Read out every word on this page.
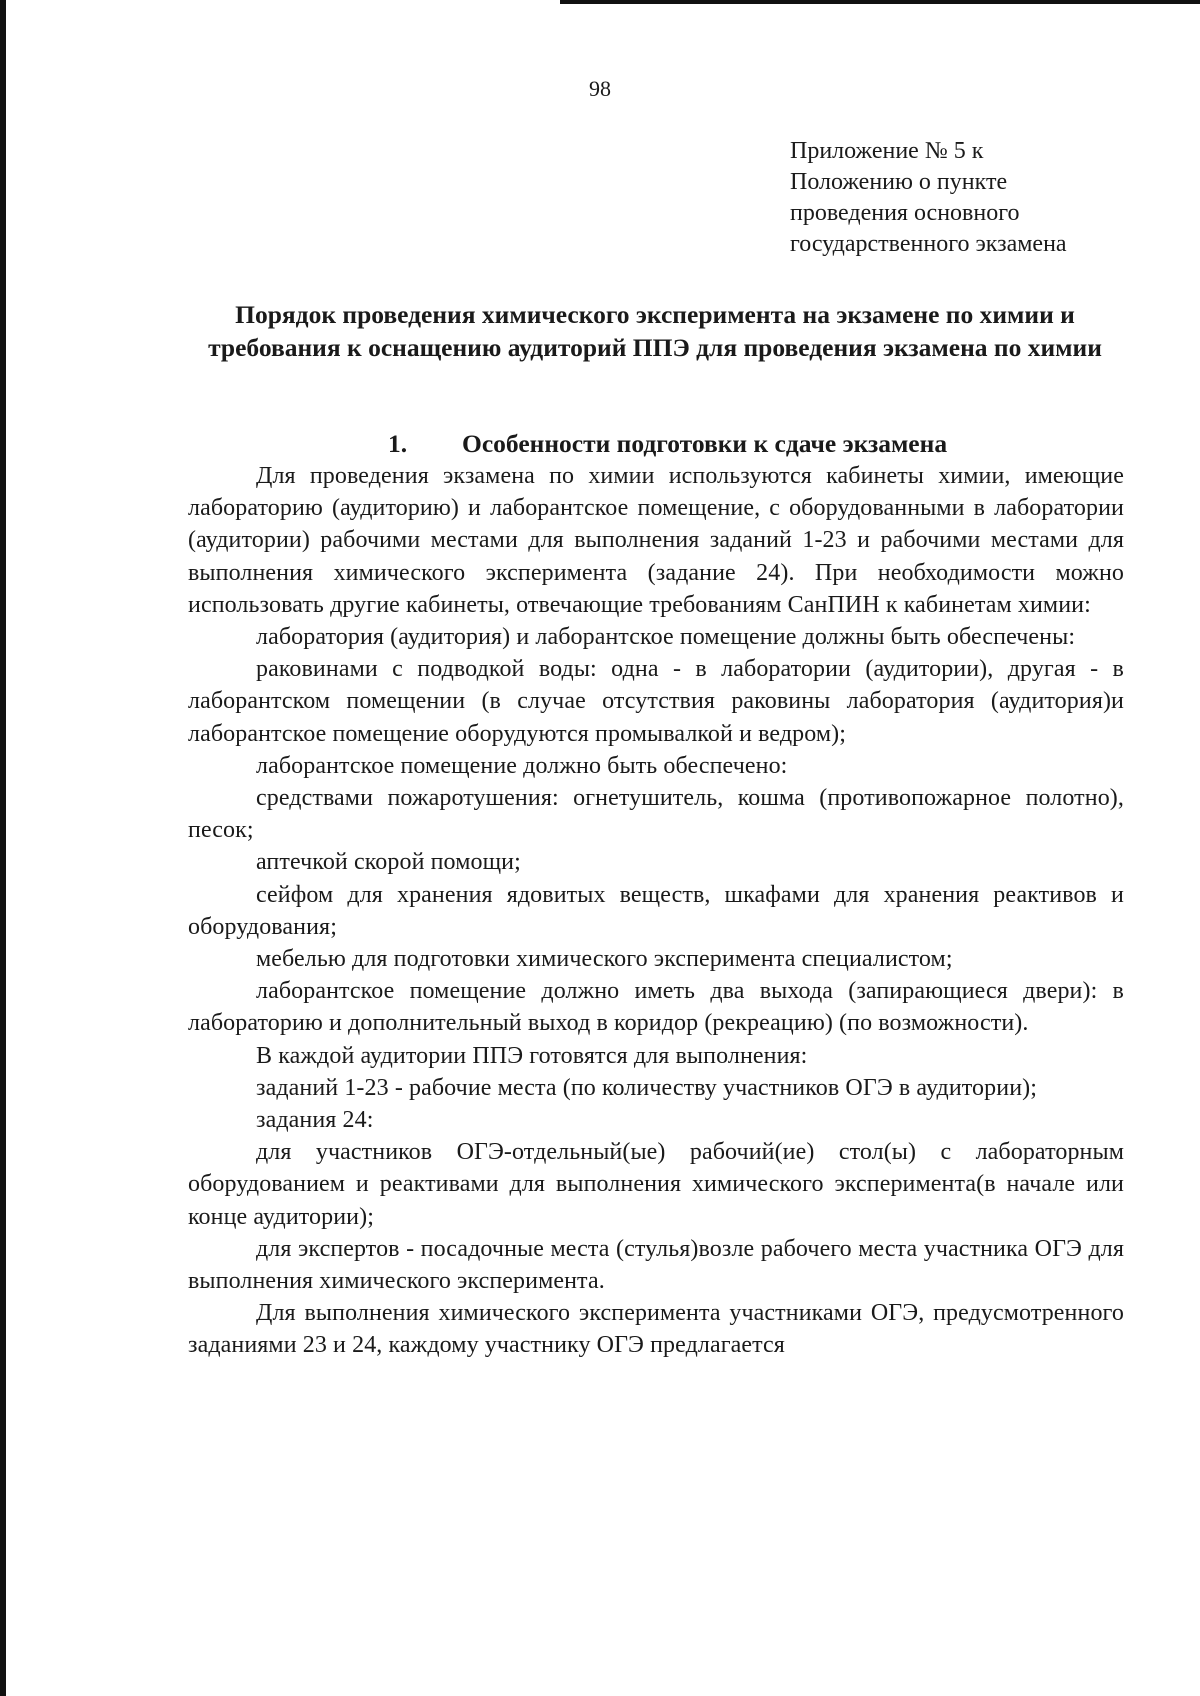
98
Приложение № 5 к
Положению о пункте
проведения основного
государственного экзамена
Порядок проведения химического эксперимента на экзамене по химии и требования к оснащению аудиторий ППЭ для проведения экзамена по химии
1. Особенности подготовки к сдаче экзамена

Для проведения экзамена по химии используются кабинеты химии, имеющие лабораторию (аудиторию) и лаборантское помещение, с оборудованными в лаборатории (аудитории) рабочими местами для выполнения заданий 1-23 и рабочими местами для выполнения химического эксперимента (задание 24). При необходимости можно использовать другие кабинеты, отвечающие требованиям СанПИН к кабинетам химии:

лаборатория (аудитория) и лаборантское помещение должны быть обеспечены:

раковинами с подводкой воды: одна - в лаборатории (аудитории), другая - в лаборантском помещении (в случае отсутствия раковины лаборатория (аудитория)и лаборантское помещение оборудуются промывалкой и ведром);

лаборантское помещение должно быть обеспечено:

средствами пожаротушения: огнетушитель, кошма (противопожарное полотно), песок;

аптечкой скорой помощи;

сейфом для хранения ядовитых веществ, шкафами для хранения реактивов и оборудования;

мебелью для подготовки химического эксперимента специалистом;

лаборантское помещение должно иметь два выхода (запирающиеся двери): в лабораторию и дополнительный выход в коридор (рекреацию) (по возможности).

В каждой аудитории ППЭ готовятся для выполнения:

заданий 1-23 - рабочие места (по количеству участников ОГЭ в аудитории);

задания 24:

для участников ОГЭ-отдельный(ые) рабочий(ие) стол(ы) с лабораторным оборудованием и реактивами для выполнения химического эксперимента(в начале или конце аудитории);

для экспертов - посадочные места (стулья)возле рабочего места участника ОГЭ для выполнения химического эксперимента.

Для выполнения химического эксперимента участниками ОГЭ, предусмотренного заданиями 23 и 24, каждому участнику ОГЭ предлагается
